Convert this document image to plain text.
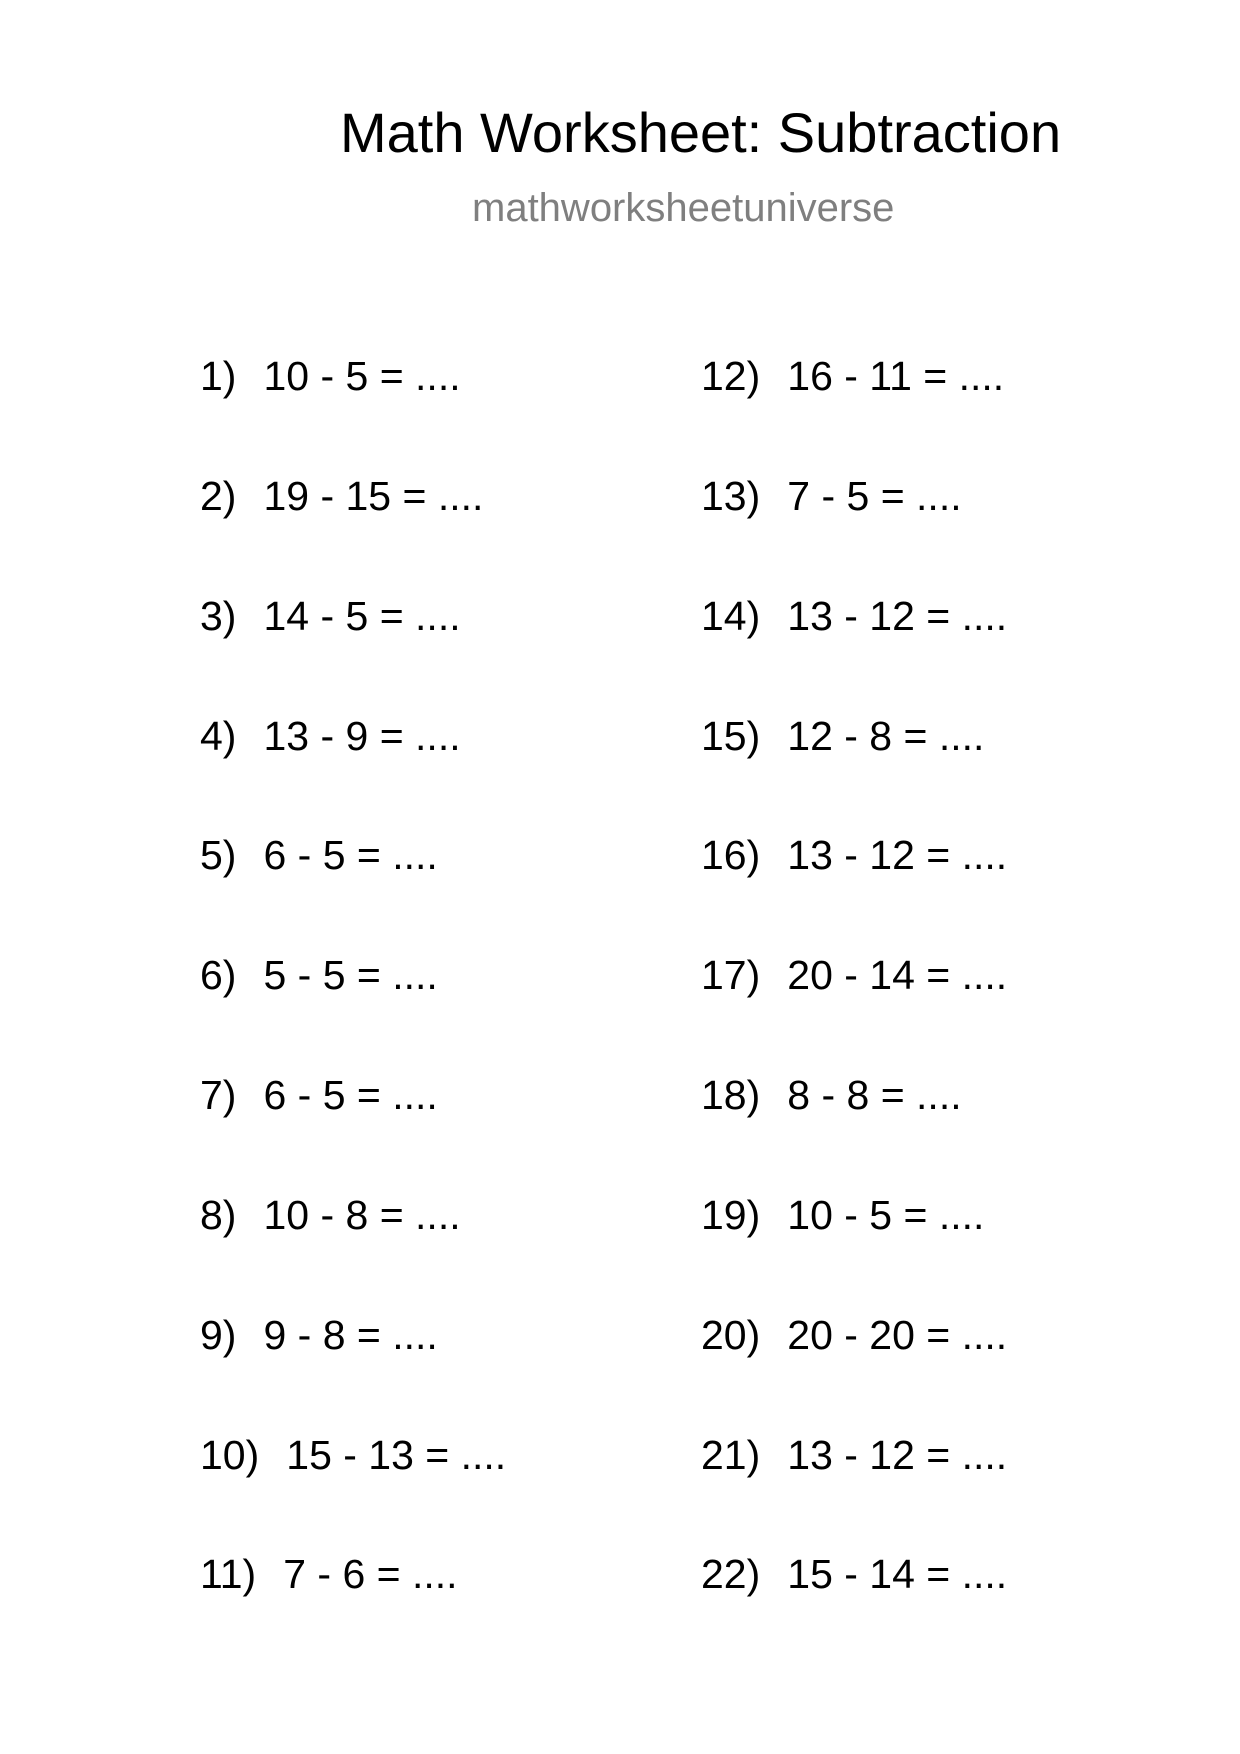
Math Worksheet: Subtraction
mathworksheetuniverse
1) 10 - 5 = ....
2) 19 - 15 = ....
3) 14 - 5 = ....
4) 13 - 9 = ....
5) 6 - 5 = ....
6) 5 - 5 = ....
7) 6 - 5 = ....
8) 10 - 8 = ....
9) 9 - 8 = ....
10) 15 - 13 = ....
11) 7 - 6 = ....
12) 16 - 11 = ....
13) 7 - 5 = ....
14) 13 - 12 = ....
15) 12 - 8 = ....
16) 13 - 12 = ....
17) 20 - 14 = ....
18) 8 - 8 = ....
19) 10 - 5 = ....
20) 20 - 20 = ....
21) 13 - 12 = ....
22) 15 - 14 = ....
